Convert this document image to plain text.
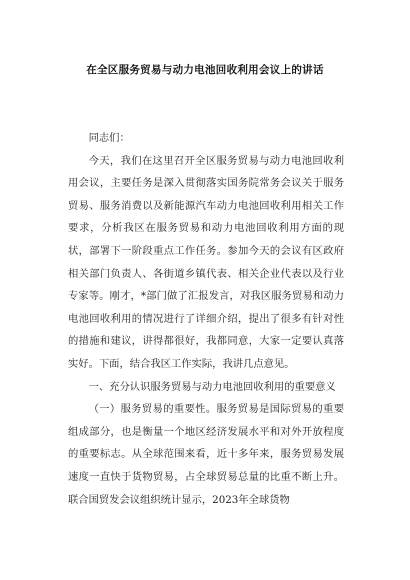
在全区服务贸易与动力电池回收利用会议上的讲话

同志们：

今天，我们在这里召开全区服务贸易与动力电池回收利用会议，主要任务是深入贯彻落实国务院常务会议关于服务贸易、服务消费以及新能源汽车动力电池回收利用相关工作要求，分析我区在服务贸易和动力电池回收利用方面的现状，部署下一阶段重点工作任务。参加今天的会议有区政府相关部门负责人、各街道乡镇代表、相关企业代表以及行业专家等。刚才，*部门做了汇报发言，对我区服务贸易和动力电池回收利用的情况进行了详细介绍，提出了很多有针对性的措施和建议，讲得都很好，我都同意，大家一定要认真落实好。下面，结合我区工作实际，我讲几点意见。

一、充分认识服务贸易与动力电池回收利用的重要意义

（一）服务贸易的重要性。服务贸易是国际贸易的重要组成部分，也是衡量一个地区经济发展水平和对外开放程度的重要标志。从全球范围来看，近十多年来，服务贸易发展速度一直快于货物贸易，占全球贸易总量的比重不断上升。联合国贸发会议组织统计显示，2023年全球货物
